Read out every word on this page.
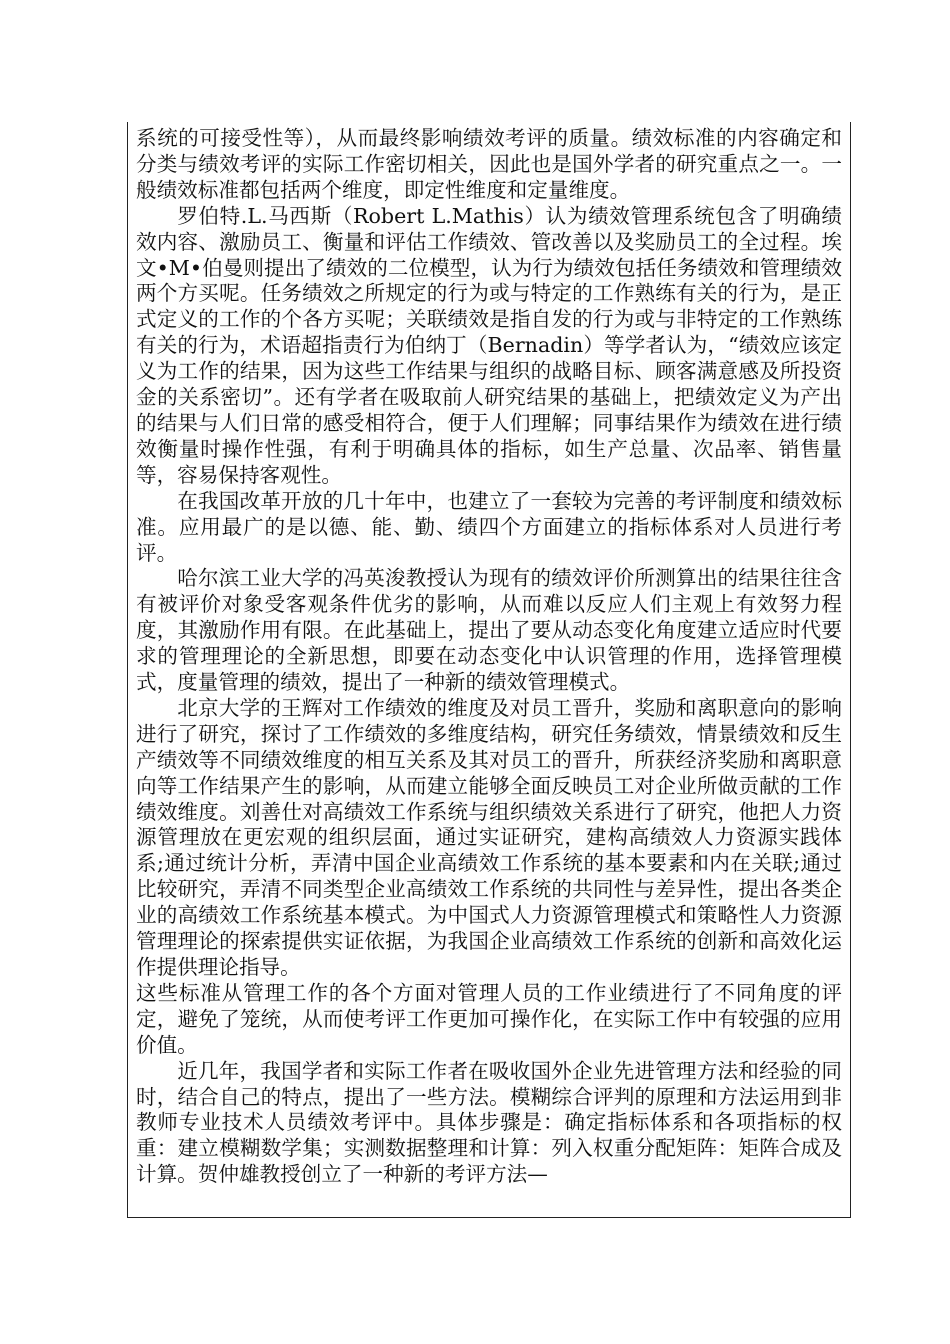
系统的可接受性等），从而最终影响绩效考评的质量。绩效标准的内容确定和分类与绩效考评的实际工作密切相关，因此也是国外学者的研究重点之一。一般绩效标准都包括两个维度，即定性维度和定量维度。

罗伯特.L.马西斯（Robert L.Mathis）认为绩效管理系统包含了明确绩效内容、激励员工、衡量和评估工作绩效、管改善以及奖励员工的全过程。埃文•M•伯曼则提出了绩效的二位模型，认为行为绩效包括任务绩效和管理绩效两个方买呢。任务绩效之所规定的行为或与特定的工作熟练有关的行为，是正式定义的工作的个各方买呢；关联绩效是指自发的行为或与非特定的工作熟练有关的行为，术语超指责行为伯纳丁（Bernadin）等学者认为，“绩效应该定义为工作的结果，因为这些工作结果与组织的战略目标、顾客满意感及所投资金的关系密切”。还有学者在吸取前人研究结果的基础上，把绩效定义为产出的结果与人们日常的感受相符合，便于人们理解；同事结果作为绩效在进行绩效衡量时操作性强，有利于明确具体的指标，如生产总量、次品率、销售量等，容易保持客观性。

在我国改革开放的几十年中，也建立了一套较为完善的考评制度和绩效标准。应用最广的是以德、能、勤、绩四个方面建立的指标体系对人员进行考评。

哈尔滨工业大学的冯英浚教授认为现有的绩效评价所测算出的结果往往含有被评价对象受客观条件优劣的影响，从而难以反应人们主观上有效努力程度，其激励作用有限。在此基础上，提出了要从动态变化角度建立适应时代要求的管理理论的全新思想，即要在动态变化中认识管理的作用，选择管理模式，度量管理的绩效，提出了一种新的绩效管理模式。

北京大学的王辉对工作绩效的维度及对员工晋升，奖励和离职意向的影响进行了研究，探讨了工作绩效的多维度结构，研究任务绩效，情景绩效和反生产绩效等不同绩效维度的相互关系及其对员工的晋升，所获经济奖励和离职意向等工作结果产生的影响，从而建立能够全面反映员工对企业所做贡献的工作绩效维度。刘善仕对高绩效工作系统与组织绩效关系进行了研究，他把人力资源管理放在更宏观的组织层面，通过实证研究，建构高绩效人力资源实践体系;通过统计分析，弄清中国企业高绩效工作系统的基本要素和内在关联;通过比较研究，弄清不同类型企业高绩效工作系统的共同性与差异性，提出各类企业的高绩效工作系统基本模式。为中国式人力资源管理模式和策略性人力资源管理理论的探索提供实证依据，为我国企业高绩效工作系统的创新和高效化运作提供理论指导。

这些标准从管理工作的各个方面对管理人员的工作业绩进行了不同角度的评定，避免了笼统，从而使考评工作更加可操作化，在实际工作中有较强的应用价值。

近几年，我国学者和实际工作者在吸收国外企业先进管理方法和经验的同时，结合自己的特点，提出了一些方法。模糊综合评判的原理和方法运用到非教师专业技术人员绩效考评中。具体步骤是：确定指标体系和各项指标的权重：建立模糊数学集；实测数据整理和计算：列入权重分配矩阵：矩阵合成及计算。贺仲雄教授创立了一种新的考评方法—
